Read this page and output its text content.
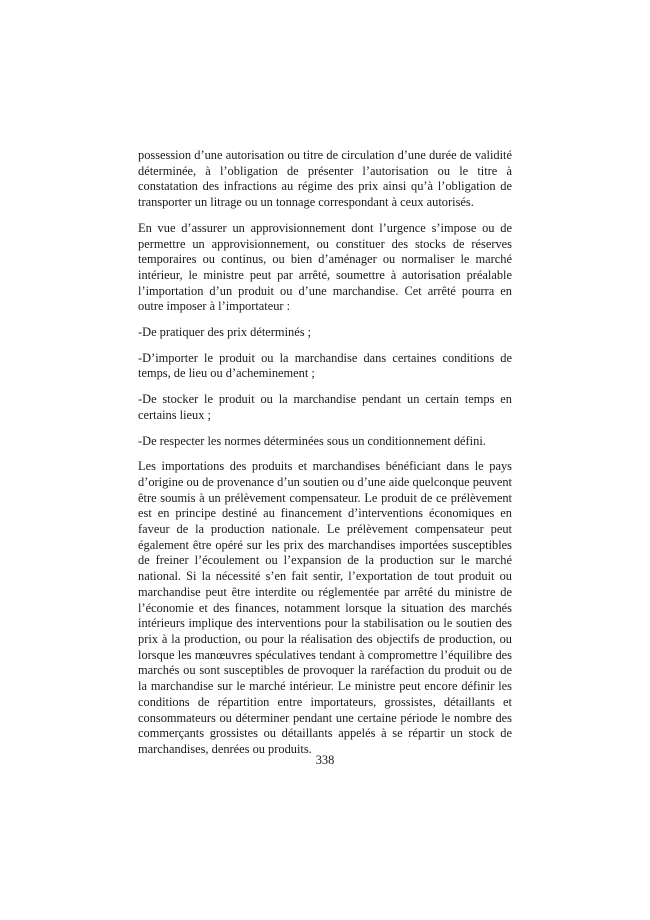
possession d’une autorisation ou titre de circulation d’une durée de validité déterminée, à l’obligation de présenter l’autorisation ou le titre à constatation des infractions au régime des prix ainsi qu’à l’obligation de transporter un litrage ou un tonnage correspondant à ceux autorisés.

En vue d’assurer un approvisionnement dont l’urgence s’impose ou de permettre un approvisionnement, ou constituer des stocks de réserves temporaires ou continus, ou bien d’aménager ou normaliser le marché intérieur, le ministre peut par arrêté, soumettre à autorisation préalable l’importation d’un produit ou d’une marchandise. Cet arrêté pourra en outre imposer à l’importateur :

-De pratiquer des prix déterminés ;

-D’importer le produit ou la marchandise dans certaines conditions de temps, de lieu ou d’acheminement ;

-De stocker le produit ou la marchandise pendant un certain temps en certains lieux ;

-De respecter les normes déterminées sous un conditionnement défini.

Les importations des produits et marchandises bénéficiant dans le pays d’origine ou de provenance d’un soutien ou d’une aide quelconque peuvent être soumis à un prélèvement compensateur. Le produit de ce prélèvement est en principe destiné au financement d’interventions économiques en faveur de la production nationale. Le prélèvement compensateur peut également être opéré sur les prix des marchandises importées susceptibles de freiner l’écoulement ou l’expansion de la production sur le marché national. Si la nécessité s’en fait sentir, l’exportation de tout produit ou marchandise peut être interdite ou réglementée par arrêté du ministre de l’économie et des finances, notamment lorsque la situation des marchés intérieurs implique des interventions pour la stabilisation ou le soutien des prix à la production, ou pour la réalisation des objectifs de production, ou lorsque les manœuvres spéculatives tendant à compromettre l’équilibre des marchés ou sont susceptibles de provoquer la raréfaction du produit ou de la marchandise sur le marché intérieur. Le ministre peut encore définir les conditions de répartition entre importateurs, grossistes, détaillants et consommateurs ou déterminer pendant une certaine période le nombre des commerçants grossistes ou détaillants appelés à se répartir un stock de marchandises, denrées ou produits.

338
